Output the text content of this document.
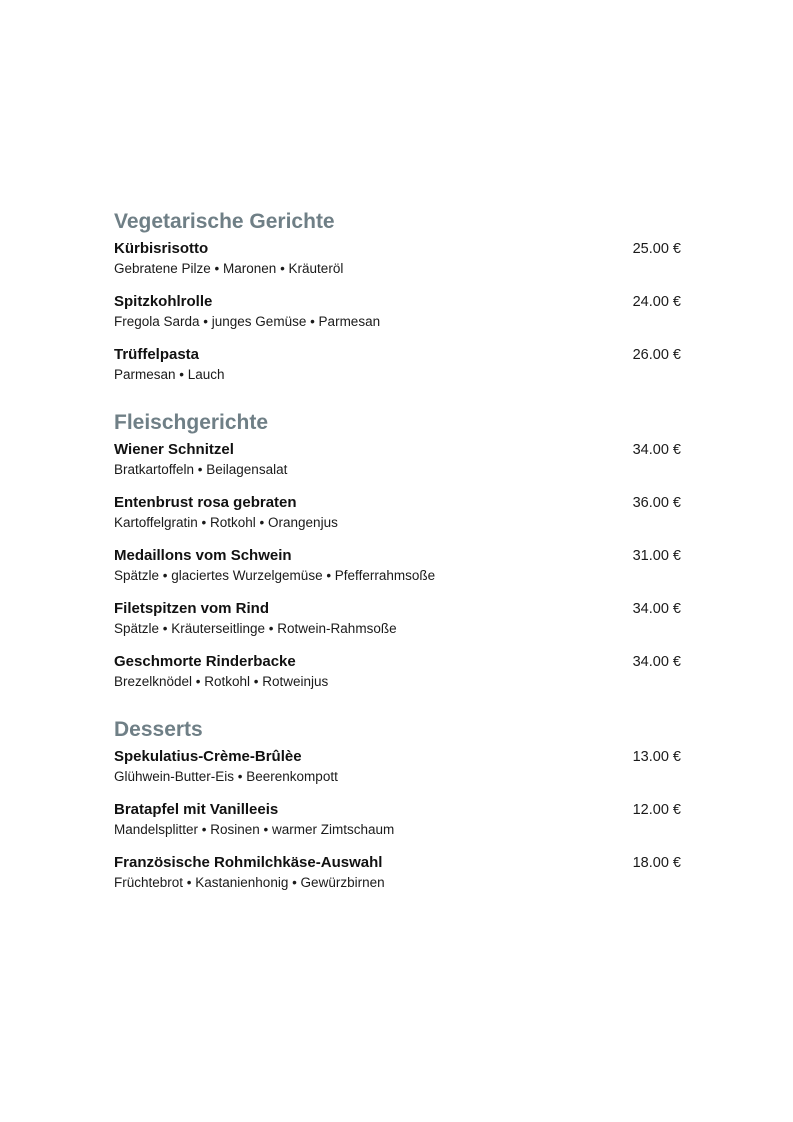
Vegetarische Gerichte
Kürbisrisotto
Gebratene Pilze • Maronen • Kräuteröl
25.00 €
Spitzkohlrolle
Fregola Sarda • junges Gemüse • Parmesan
24.00 €
Trüffelpasta
Parmesan • Lauch
26.00 €
Fleischgerichte
Wiener Schnitzel
Bratkartoffeln • Beilagensalat
34.00 €
Entenbrust rosa gebraten
Kartoffelgratin • Rotkohl • Orangenjus
36.00 €
Medaillons vom Schwein
Spätzle • glaciertes Wurzelgemüse • Pfefferrahmsoße
31.00 €
Filetspitzen vom Rind
Spätzle • Kräuterseitlinge • Rotwein-Rahmsoße
34.00 €
Geschmorte Rinderbacke
Brezelknödel • Rotkohl • Rotweinjus
34.00 €
Desserts
Spekulatius-Crème-Brûlèe
Glühwein-Butter-Eis • Beerenkompott
13.00 €
Bratapfel mit Vanilleeis
Mandelsplitter • Rosinen • warmer Zimtschaum
12.00 €
Französische Rohmilchkäse-Auswahl
Früchtebrot • Kastanienhonig • Gewürzbirnen
18.00 €
